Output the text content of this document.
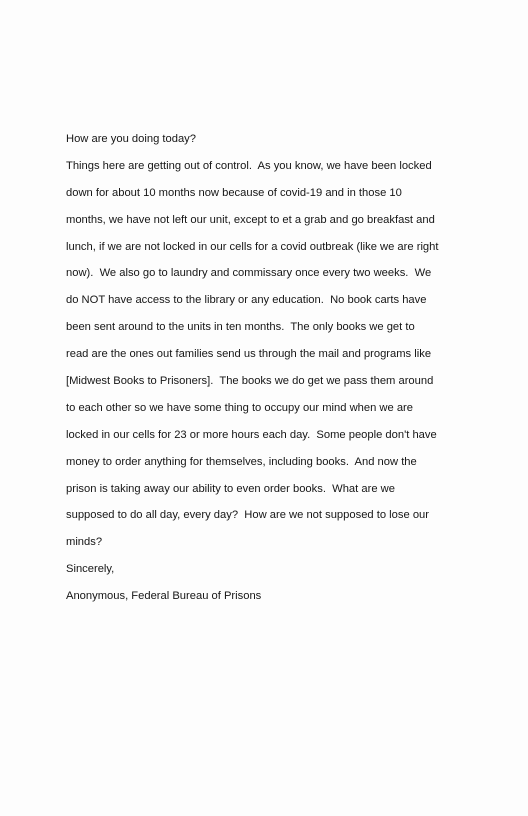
How are you doing today?
Things here are getting out of control.  As you know, we have been locked
down for about 10 months now because of covid-19 and in those 10
months, we have not left our unit, except to et a grab and go breakfast and
lunch, if we are not locked in our cells for a covid outbreak (like we are right
now).  We also go to laundry and commissary once every two weeks.  We
do NOT have access to the library or any education.  No book carts have
been sent around to the units in ten months.  The only books we get to
read are the ones out families send us through the mail and programs like
[Midwest Books to Prisoners].  The books we do get we pass them around
to each other so we have some thing to occupy our mind when we are
locked in our cells for 23 or more hours each day.  Some people don't have
money to order anything for themselves, including books.  And now the
prison is taking away our ability to even order books.  What are we
supposed to do all day, every day?  How are we not supposed to lose our
minds?
Sincerely,
Anonymous, Federal Bureau of Prisons
